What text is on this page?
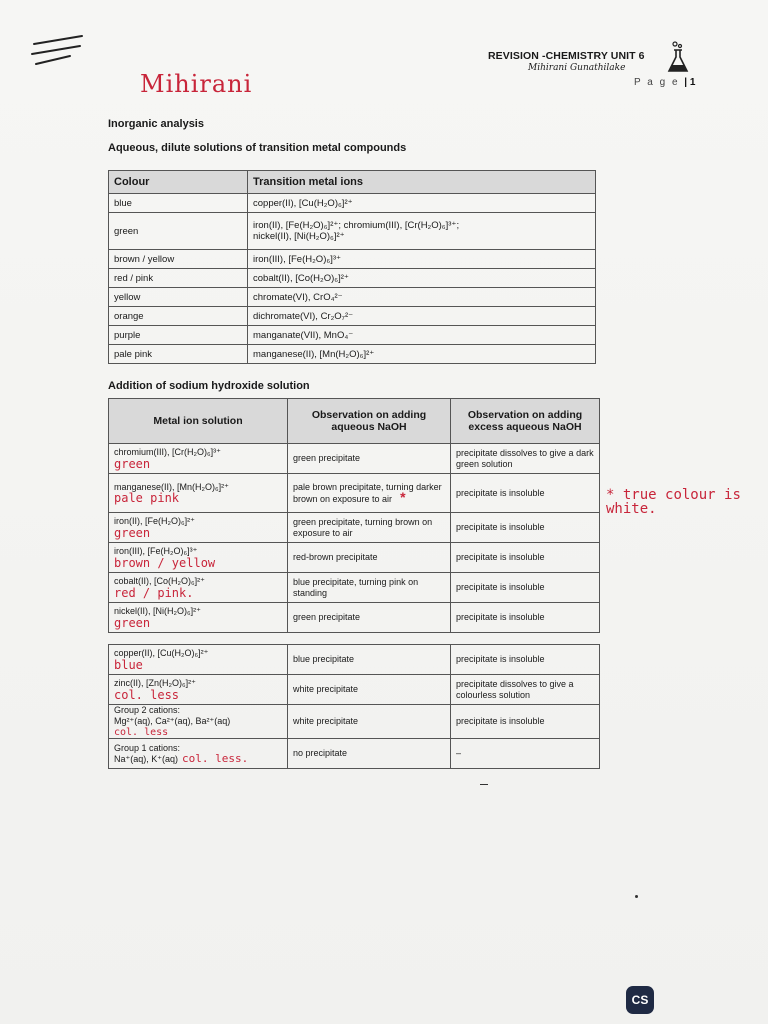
REVISION -CHEMISTRY UNIT 6
Mihirani Gunathilake
P a g e | 1
Mihirani
Inorganic analysis
Aqueous, dilute solutions of transition metal compounds
Colour	Transition metal ions
blue	copper(II), [Cu(H₂O)₆]²⁺
green	iron(II), [Fe(H₂O)₆]²⁺; chromium(III), [Cr(H₂O)₆]³⁺;
nickel(II), [Ni(H₂O)₆]²⁺

brown / yellow	iron(III), [Fe(H₂O)₆]³⁺
red / pink	cobalt(II), [Co(H₂O)₆]²⁺
yellow	chromate(VI), CrO₄²⁻
orange	dichromate(VI), Cr₂O₇²⁻
purple	manganate(VII), MnO₄⁻
pale pink	manganese(II), [Mn(H₂O)₆]²⁺
Addition of sodium hydroxide solution
Metal ion solution	Observation on adding aqueous NaOH	Observation on adding excess aqueous NaOH
chromium(III), [Cr(H₂O)₆]³⁺
green	green precipitate	precipitate dissolves to give a dark green solution
manganese(II), [Mn(H₂O)₆]²⁺
pale pink	pale brown precipitate, turning darker brown on exposure to air *	precipitate is insoluble
iron(II), [Fe(H₂O)₆]²⁺
green	green precipitate, turning brown on exposure to air	precipitate is insoluble
iron(III), [Fe(H₂O)₆]³⁺
brown / yellow	red-brown precipitate	precipitate is insoluble
cobalt(II), [Co(H₂O)₆]²⁺
red / pink.	blue precipitate, turning pink on standing	precipitate is insoluble
nickel(II), [Ni(H₂O)₆]²⁺
green	green precipitate	precipitate is insoluble
copper(II), [Cu(H₂O)₆]²⁺
blue	blue precipitate	precipitate is insoluble
zinc(II), [Zn(H₂O)₆]²⁺
col. less	white precipitate	precipitate dissolves to give a colourless solution

Group 2 cations:
Mg²⁺(aq), Ca²⁺(aq), Ba²⁺(aq)
col. less	white precipitate	precipitate is insoluble

Group 1 cations:
Na⁺(aq), K⁺(aq) col. less.	no precipitate	–
* true colour is white.
CS
